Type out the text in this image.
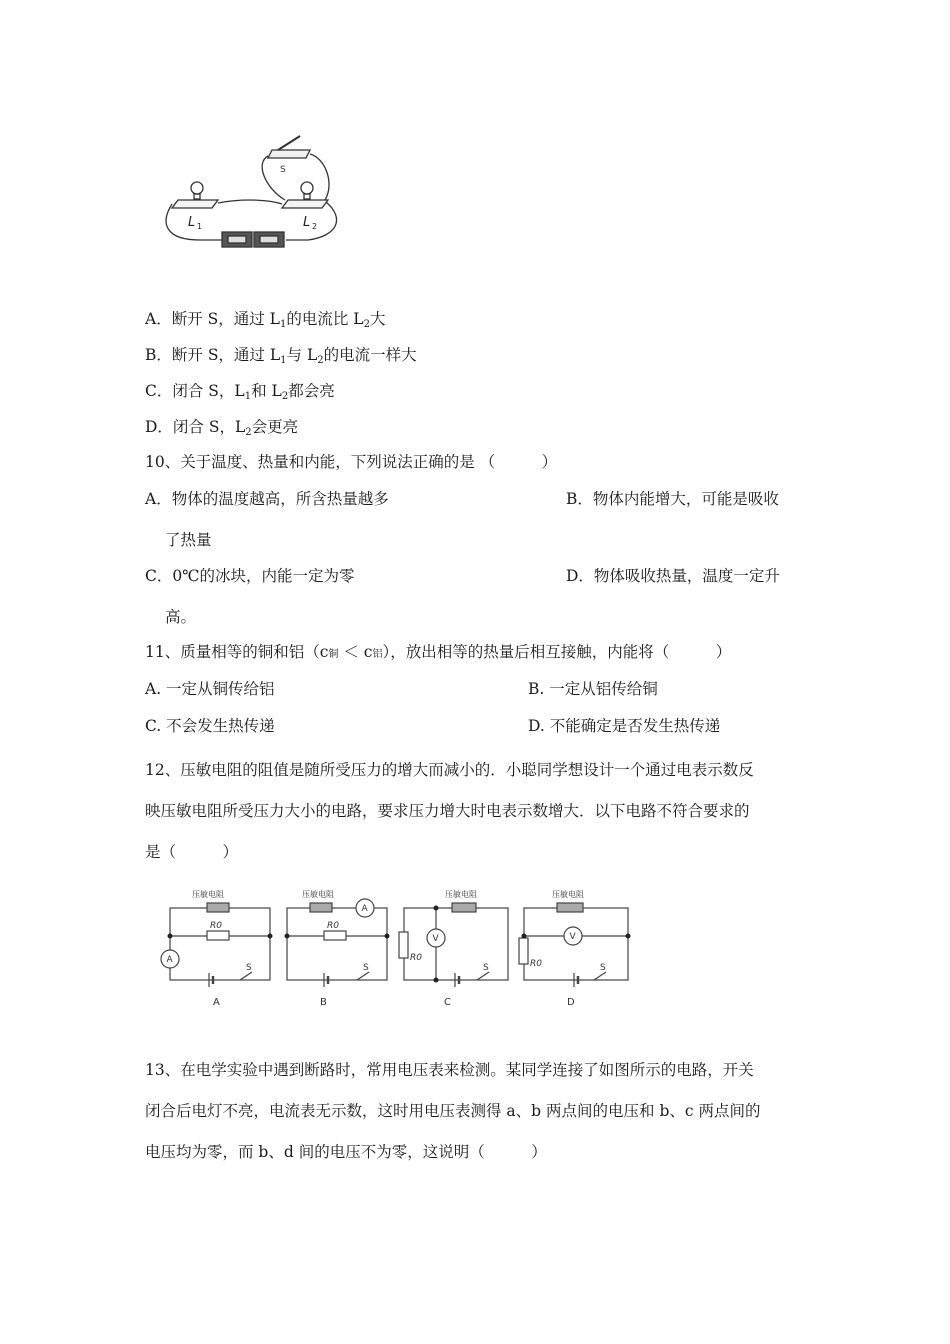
S
L 1	L 2
A．断开 S，通过 $L_1$的电流比 $L_2$大
B．断开 S，通过 $L_1$与 $L_2$的电流一样大
C．闭合 S，$L_1$和 $L_2$都会亮
D．闭合 S，$L_2$会更亮
10、关于温度、热量和内能，下列说法正确的是 （　　　）
A．物体的温度越高，所含热量越多	B．物体内能增大，可能是吸收
了热量
C．0℃的冰块，内能一定为零	D．物体吸收热量，温度一定升
高。
11、质量相等的铜和铝（c铜 ＜ c铝），放出相等的热量后相互接触，内能将（　　　）
A. 一定从铜传给铝	B. 一定从铝传给铜
C. 不会发生热传递	D. 不能确定是否发生热传递
12、压敏电阻的阻值是随所受压力的增大而减小的．小聪同学想设计一个通过电表示数反
映压敏电阻所受压力大小的电路，要求压力增大时电表示数增大．以下电路不符合要求的
是（　　　）
压敏电阻	压敏电阻	压敏电阻	压敏电阻
R0	R0
R0
R0
S	S	S	S
A
A
V	V
A	B	C	D
13、在电学实验中遇到断路时，常用电压表来检测。某同学连接了如图所示的电路，开关
闭合后电灯不亮，电流表无示数，这时用电压表测得 a、b 两点间的电压和 b、c 两点间的
电压均为零，而 b、d 间的电压不为零，这说明（　　　）
